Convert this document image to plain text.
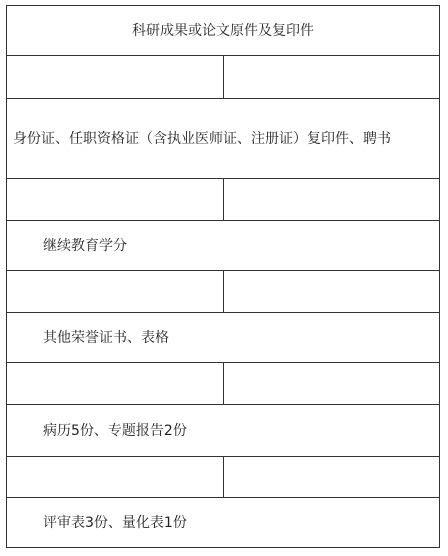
科研成果或论文原件及复印件	

身份证、任职资格证（含执业医师证、注册证）复印件、聘书	

继续教育学分	

其他荣誉证书、表格	

病历5份、专题报告2份	

评审表3份、量化表1份	
